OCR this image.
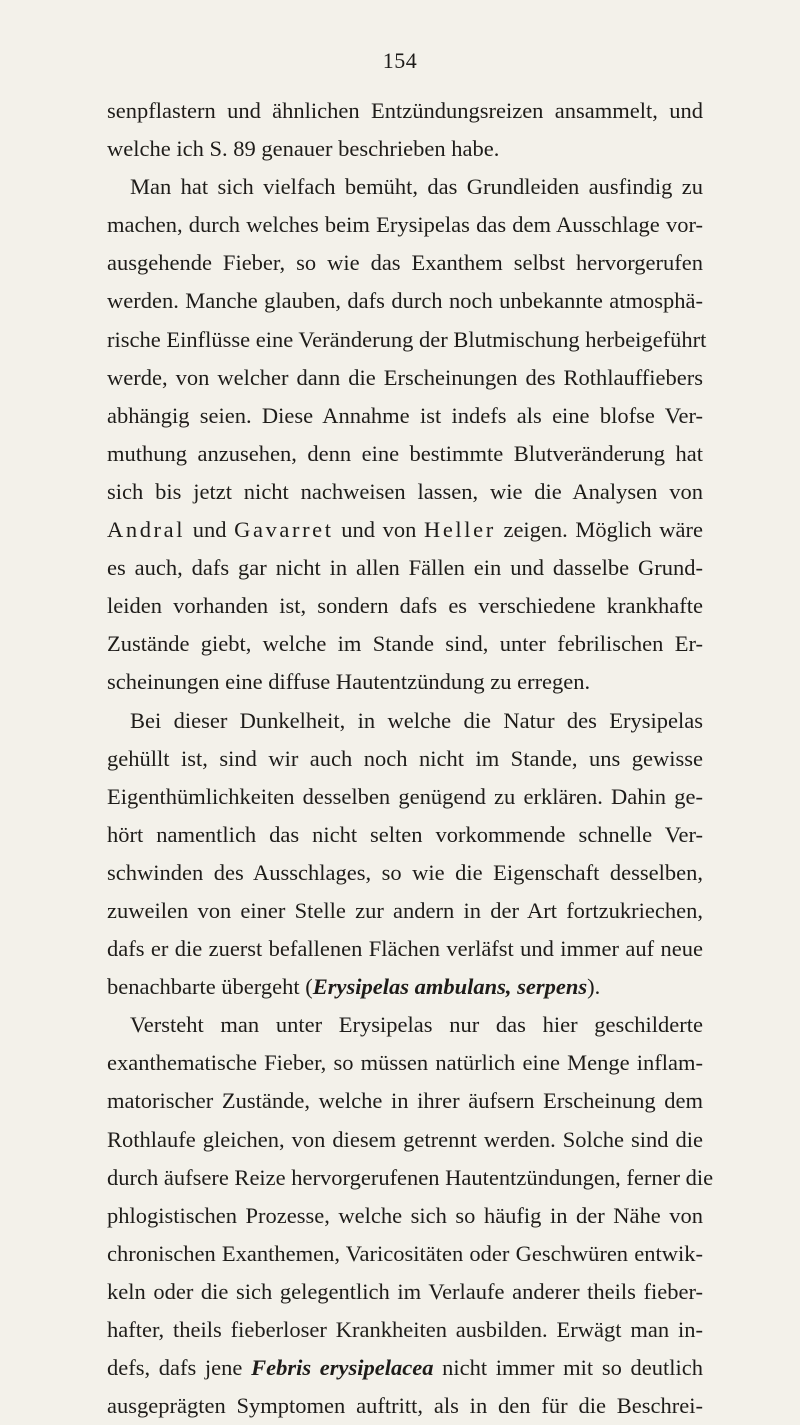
154
senpflastern und ähnlichen Entzündungsreizen ansammelt, und
welche ich S. 89 genauer beschrieben habe.
Man hat sich vielfach bemüht, das Grundleiden ausfindig zu
machen, durch welches beim Erysipelas das dem Ausschlage vor-
ausgehende Fieber, so wie das Exanthem selbst hervorgerufen
werden. Manche glauben, dafs durch noch unbekannte atmosphä-
rische Einflüsse eine Veränderung der Blutmischung herbeigeführt
werde, von welcher dann die Erscheinungen des Rothlauffiebers
abhängig seien. Diese Annahme ist indefs als eine blofse Ver-
muthung anzusehen, denn eine bestimmte Blutveränderung hat
sich bis jetzt nicht nachweisen lassen, wie die Analysen von
Andral und Gavarret und von Heller zeigen. Möglich wäre
es auch, dafs gar nicht in allen Fällen ein und dasselbe Grund-
leiden vorhanden ist, sondern dafs es verschiedene krankhafte
Zustände giebt, welche im Stande sind, unter febrilischen Er-
scheinungen eine diffuse Hautentzündung zu erregen.
Bei dieser Dunkelheit, in welche die Natur des Erysipelas
gehüllt ist, sind wir auch noch nicht im Stande, uns gewisse
Eigenthümlichkeiten desselben genügend zu erklären. Dahin ge-
hört namentlich das nicht selten vorkommende schnelle Ver-
schwinden des Ausschlages, so wie die Eigenschaft desselben,
zuweilen von einer Stelle zur andern in der Art fortzukriechen,
dafs er die zuerst befallenen Flächen verläfst und immer auf neue
benachbarte übergeht (Erysipelas ambulans, serpens).
Versteht man unter Erysipelas nur das hier geschilderte
exanthematische Fieber, so müssen natürlich eine Menge inflam-
matorischer Zustände, welche in ihrer äufsern Erscheinung dem
Rothlaufe gleichen, von diesem getrennt werden. Solche sind die
durch äufsere Reize hervorgerufenen Hautentzündungen, ferner die
phlogistischen Prozesse, welche sich so häufig in der Nähe von
chronischen Exanthemen, Varicositäten oder Geschwüren entwik-
keln oder die sich gelegentlich im Verlaufe anderer theils fieber-
hafter, theils fieberloser Krankheiten ausbilden. Erwägt man in-
defs, dafs jene Febris erysipelacea nicht immer mit so deutlich
ausgeprägten Symptomen auftritt, als in den für die Beschrei-
